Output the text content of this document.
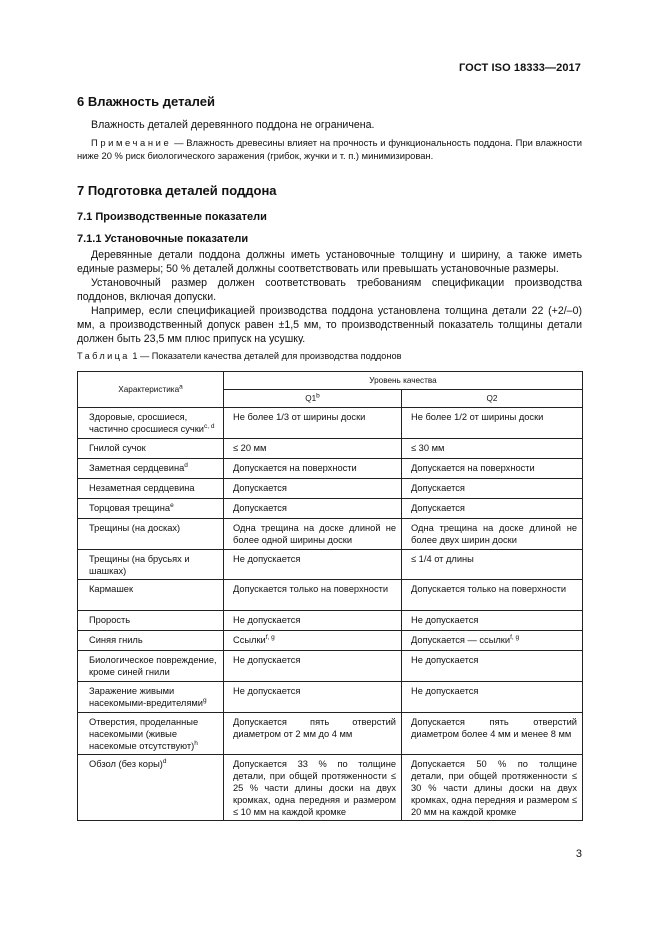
ГОСТ ISO 18333—2017
6 Влажность деталей
Влажность деталей деревянного поддона не ограничена.
Примечание — Влажность древесины влияет на прочность и функциональность поддона. При влажности ниже 20 % риск биологического заражения (грибок, жучки и т. п.) минимизирован.
7 Подготовка деталей поддона
7.1 Производственные показатели
7.1.1 Установочные показатели
Деревянные детали поддона должны иметь установочные толщину и ширину, а также иметь единые размеры; 50 % деталей должны соответствовать или превышать установочные размеры.
Установочный размер должен соответствовать требованиям спецификации производства поддонов, включая допуски.
Например, если спецификацией производства поддона установлена толщина детали 22 (+2/–0) мм, а производственный допуск равен ±1,5 мм, то производственный показатель толщины детали должен быть 23,5 мм плюс припуск на усушку.
Таблица 1 — Показатели качества деталей для производства поддонов
Характеристика$^a$	Уровень качества	
	Q1$^b$	Q2
Здоровые, сросшиеся, частично сросшиеся сучки$^{c, d}$	Не более 1/3 от ширины доски	Не более 1/2 от ширины доски
Гнилой сучок	≤ 20 мм	≤ 30 мм
Заметная сердцевина$^d$	Допускается на поверхности	Допускается на поверхности
Незаметная сердцевина	Допускается	Допускается
Торцовая трещина$^e$	Допускается	Допускается
Трещины (на досках)	Одна трещина на доске длиной не более одной ширины доски	Одна трещина на доске длиной не более двух ширин доски
Трещины (на брусьях и шашках)	Не допускается	≤ 1/4 от длины
Кармашек	Допускается только на поверхности	Допускается только на поверхности
Прорость	Не допускается	Не допускается
Синяя гниль	Ссылки$^{f, g}$	Допускается — ссылки$^{f, g}$
Биологическое повреждение, кроме синей гнили	Не допускается	Не допускается
Заражение живыми насекомыми-вредителями$^g$	Не допускается	Не допускается
Отверстия, проделанные насекомыми (живые насекомые отсутствуют)$^h$	Допускается пять отверстий диаметром от 2 мм до 4 мм	Допускается пять отверстий диаметром более 4 мм и менее 8 мм
Обзол (без коры)$^d$	Допускается 33 % по толщине детали, при общей протяженности ≤ 25 % части длины доски на двух кромках, одна передняя и размером ≤ 10 мм на каждой кромке	Допускается 50 % по толщине детали, при общей протяженности ≤ 30 % части длины доски на двух кромках, одна передняя и размером ≤ 20 мм на каждой кромке
3
